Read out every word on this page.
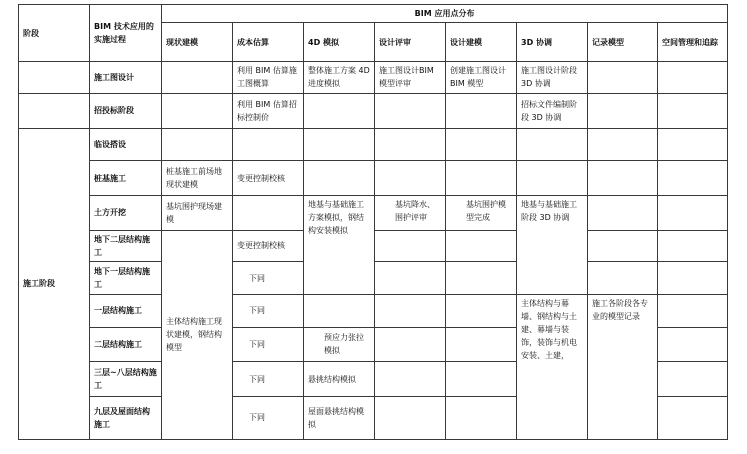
阶段	BIM 技术应用的实施过程	BIM 应用点分布							
		现状建模	成本估算	4D 模拟	设计评审	设计建模	3D 协调	记录模型	空间管理和追踪
	施工图设计		利用 BIM 估算施工图概算	整体施工方案 4D 进度模拟	施工图设计BIM 模型评审	创建施工图设计 BIM 模型	施工图设计阶段 3D 协调		
	招投标阶段		利用 BIM 估算招标控制价				招标文件编制阶段 3D 协调		
施工阶段	临设搭设								
	桩基施工	桩基施工前场地现状建模	变更控制校核						
	土方开挖	基坑围护现场建模		地基与基础施工方案模拟，钢结构安装模拟	基坑降水、围护评审	基坑围护模型完成	地基与基础施工阶段 3D 协调		
	地下二层结构施工	主体结构施工现状建模，钢结构模型	变更控制校核						
	地下一层结构施工		下同						
	一层结构施工		下同				主体结构与幕墙、钢结构与土建、幕墙与装饰，装饰与机电安装、土建，	施工各阶段各专业的模型记录	
	二层结构施工		下同	预应力张拉模拟					
	三层~八层结构施工		下同	悬挑结构模拟					
	九层及屋面结构施工		下同	屋面悬挑结构模拟					
